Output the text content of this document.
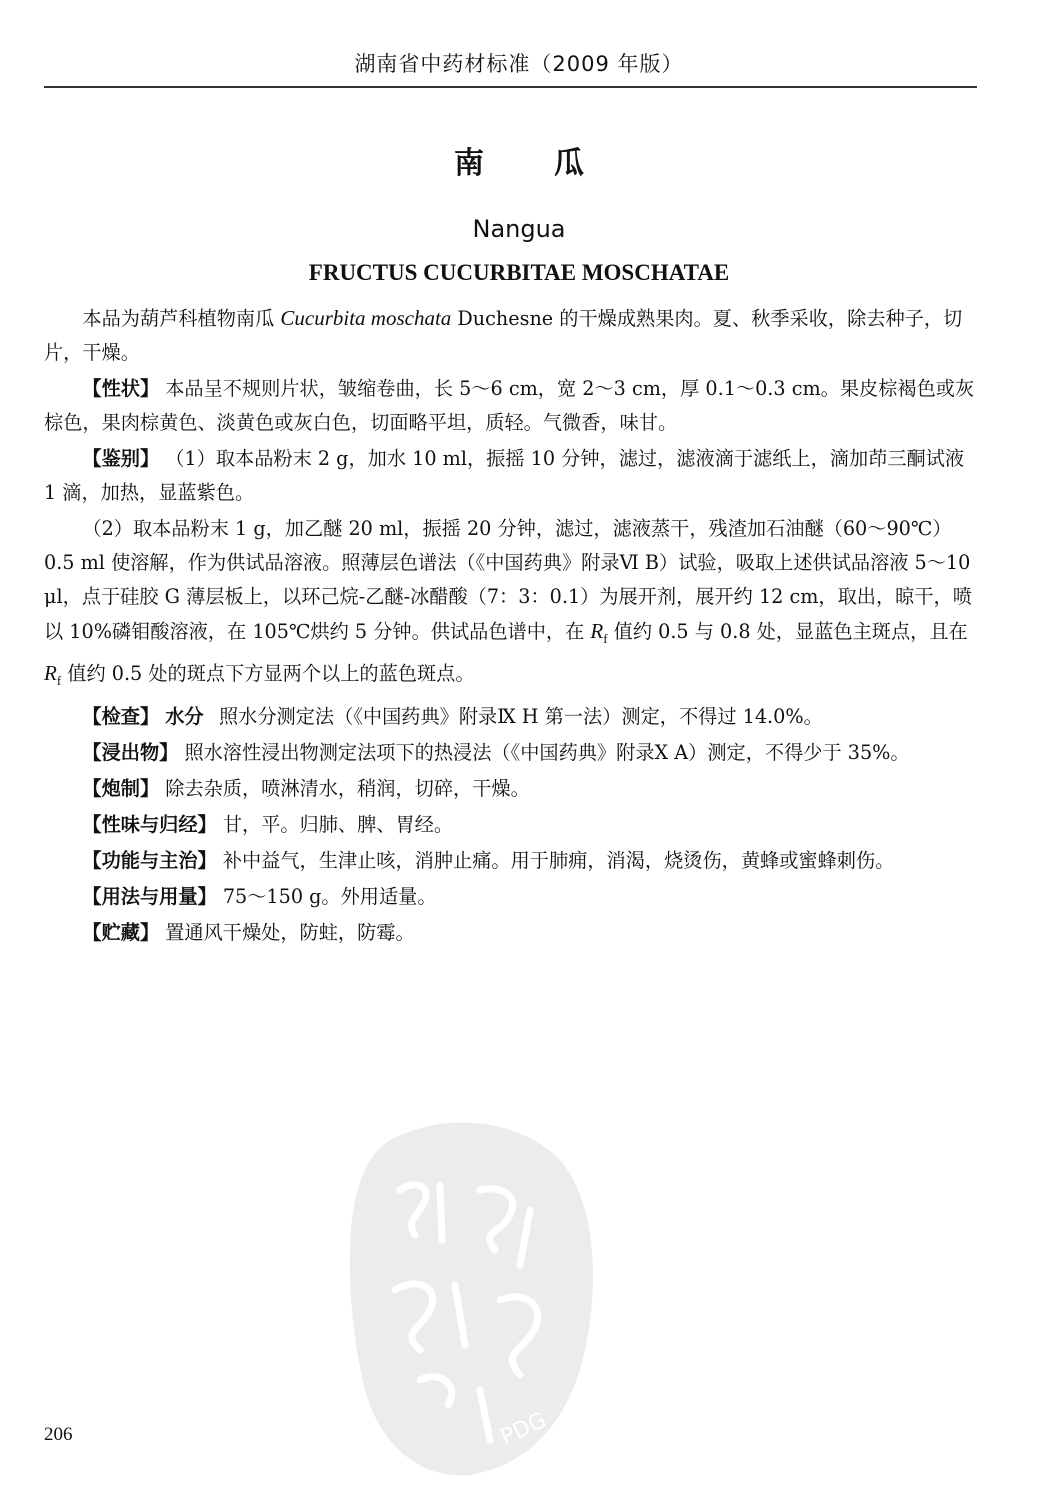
湖南省中药材标准（2009 年版）
南瓜
Nangua
FRUCTUS CUCURBITAE MOSCHATAE

本品为葫芦科植物南瓜 Cucurbita moschata Duchesne 的干燥成熟果肉。夏、秋季采收，除去种子，切片，干燥。

【性状】 本品呈不规则片状，皱缩卷曲，长 5～6 cm，宽 2～3 cm，厚 0.1～0.3 cm。果皮棕褐色或灰棕色，果肉棕黄色、淡黄色或灰白色，切面略平坦，质轻。气微香，味甘。

【鉴别】 （1）取本品粉末 2 g，加水 10 ml，振摇 10 分钟，滤过，滤液滴于滤纸上，滴加茚三酮试液 1 滴，加热，显蓝紫色。

（2）取本品粉末 1 g，加乙醚 20 ml，振摇 20 分钟，滤过，滤液蒸干，残渣加石油醚（60～90℃）0.5 ml 使溶解，作为供试品溶液。照薄层色谱法（《中国药典》附录Ⅵ B）试验，吸取上述供试品溶液 5～10 μl，点于硅胶 G 薄层板上，以环己烷-乙醚-冰醋酸（7：3：0.1）为展开剂，展开约 12 cm，取出，晾干，喷以 10%磷钼酸溶液，在 105℃烘约 5 分钟。供试品色谱中，在 $R_f$ 值约 0.5 与 0.8 处，显蓝色主斑点，且在 $R_f$ 值约 0.5 处的斑点下方显两个以上的蓝色斑点。

【检查】 水分 照水分测定法（《中国药典》附录Ⅸ H 第一法）测定，不得过 14.0%。

【浸出物】 照水溶性浸出物测定法项下的热浸法（《中国药典》附录Ⅹ A）测定，不得少于 35%。

【炮制】 除去杂质，喷淋清水，稍润，切碎，干燥。

【性味与归经】 甘，平。归肺、脾、胃经。

【功能与主治】 补中益气，生津止咳，消肿止痛。用于肺痈，消渴，烧烫伤，黄蜂或蜜蜂刺伤。

【用法与用量】 75～150 g。外用适量。

【贮藏】 置通风干燥处，防蛀，防霉。

PDG
206
